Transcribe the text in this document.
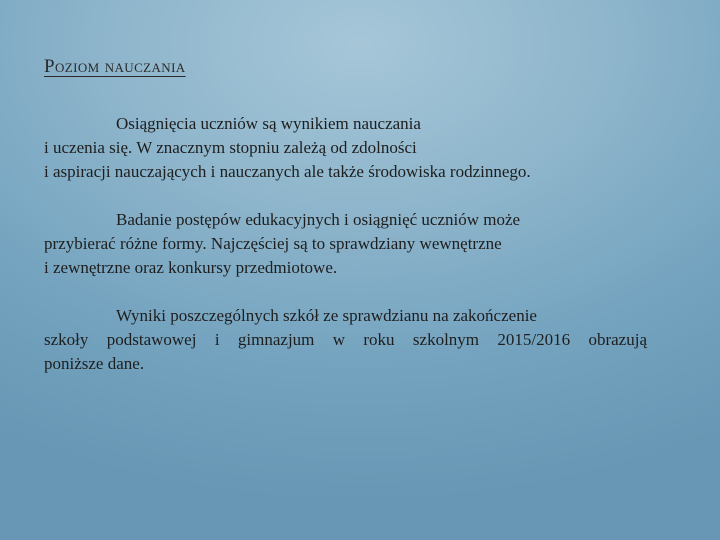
Poziom nauczania

Osiągnięcia uczniów są wynikiem nauczania
i uczenia się. W znacznym stopniu zależą od zdolności
i aspiracji nauczających i nauczanych ale także środowiska rodzinnego.

Badanie postępów edukacyjnych i osiągnięć uczniów może
przybierać różne formy. Najczęściej są to sprawdziany wewnętrzne
i zewnętrzne oraz konkursy przedmiotowe.

Wyniki poszczególnych szkół ze sprawdzianu na zakończenie
szkoły podstawowej i gimnazjum w roku szkolnym 2015/2016 obrazują
poniższe dane.
